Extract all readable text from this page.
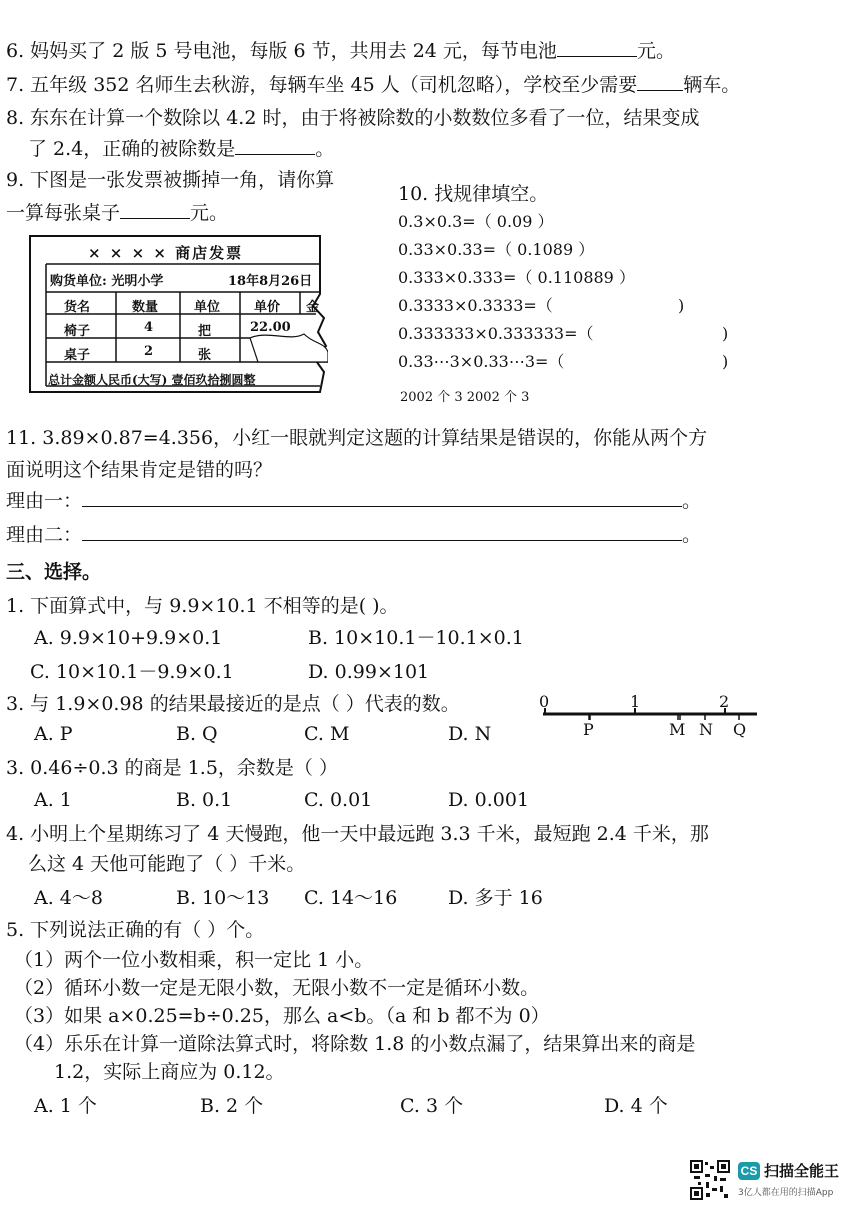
6. 妈妈买了 2 版 5 号电池，每版 6 节，共用去 24 元，每节电池	元。
7. 五年级 352 名师生去秋游，每辆车坐 45 人（司机忽略），学校至少需要 辆车。
8. 东东在计算一个数除以 4.2 时，由于将被除数的小数数位多看了一位，结果变成
了 2.4，正确的被除数是	。
9. 下图是一张发票被撕掉一角，请你算
一算每张桌子	元。
× × × × 商店发票
购货单位: 光明小学	18年8月26日
货名	数量	单位	单价 金
椅子	4	把	22.00
桌子	2	张
总计金额人民币(大写) 壹佰玖拾捌圆整
10. 找规律填空。
0.3×0.3=（ 0.09 ）
0.33×0.33=（ 0.1089 ）
0.333×0.333=（ 0.110889 ）
0.3333×0.3333=（	)
0.333333×0.333333=（	)
0.33⋯3×0.33⋯3=（	)
2002 个 3 2002 个 3
11. 3.89×0.87=4.356，小红一眼就判定这题的计算结果是错误的，你能从两个方
面说明这个结果肯定是错的吗？
理由一：	。
理由二：	。
三、选择。
1. 下面算式中，与 9.9×10.1 不相等的是( )。
A. 9.9×10+9.9×0.1	B. 10×10.1－10.1×0.1
C. 10×10.1－9.9×0.1	D. 0.99×101
3. 与 1.9×0.98 的结果最接近的是点（ ）代表的数。
A. P	B. Q	C. M	D. N
0	1	2
P	M N Q
3. 0.46÷0.3 的商是 1.5，余数是（ ）
A. 1	B. 0.1	C. 0.01	D. 0.001
4. 小明上个星期练习了 4 天慢跑，他一天中最远跑 3.3 千米，最短跑 2.4 千米，那
么这 4 天他可能跑了（ ）千米。
A. 4～8	B. 10～13 C. 14～16	D. 多于 16
5. 下列说法正确的有（ ）个。
（1）两个一位小数相乘，积一定比 1 小。
（2）循环小数一定是无限小数，无限小数不一定是循环小数。
（3）如果 a×0.25=b÷0.25，那么 a<b。（a 和 b 都不为 0）
（4）乐乐在计算一道除法算式时，将除数 1.8 的小数点漏了，结果算出来的商是
1.2，实际上商应为 0.12。
A. 1 个	B. 2 个	C. 3 个	D. 4 个
CS 扫描全能王
3亿人都在用的扫描App
